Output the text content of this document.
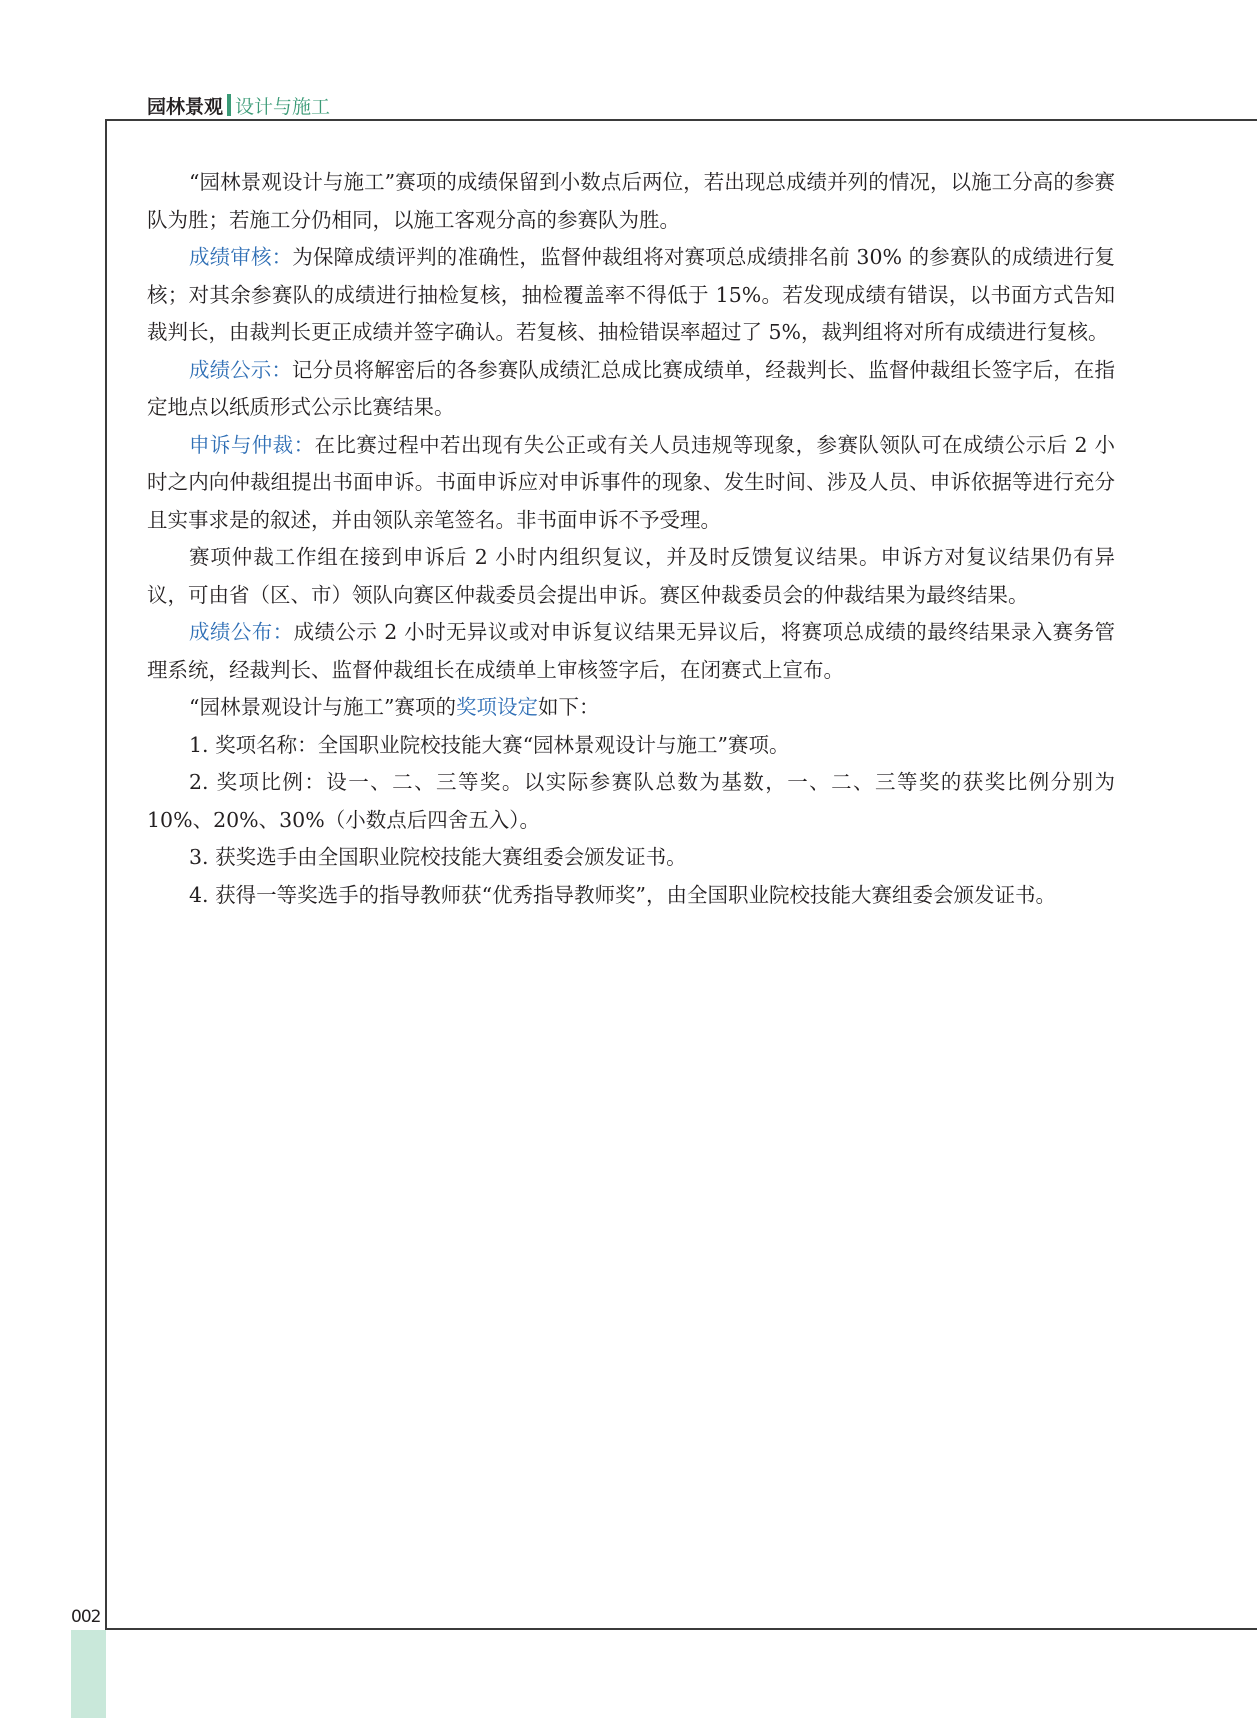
园林景观 设计与施工
002

“园林景观设计与施工”赛项的成绩保留到小数点后两位，若出现总成绩并列的情况，以施工分高的参赛队为胜；若施工分仍相同，以施工客观分高的参赛队为胜。

成绩审核：为保障成绩评判的准确性，监督仲裁组将对赛项总成绩排名前 30% 的参赛队的成绩进行复核；对其余参赛队的成绩进行抽检复核，抽检覆盖率不得低于 15%。若发现成绩有错误，以书面方式告知裁判长，由裁判长更正成绩并签字确认。若复核、抽检错误率超过了 5%，裁判组将对所有成绩进行复核。

成绩公示：记分员将解密后的各参赛队成绩汇总成比赛成绩单，经裁判长、监督仲裁组长签字后，在指定地点以纸质形式公示比赛结果。

申诉与仲裁：在比赛过程中若出现有失公正或有关人员违规等现象，参赛队领队可在成绩公示后 2 小时之内向仲裁组提出书面申诉。书面申诉应对申诉事件的现象、发生时间、涉及人员、申诉依据等进行充分且实事求是的叙述，并由领队亲笔签名。非书面申诉不予受理。

赛项仲裁工作组在接到申诉后 2 小时内组织复议，并及时反馈复议结果。申诉方对复议结果仍有异议，可由省（区、市）领队向赛区仲裁委员会提出申诉。赛区仲裁委员会的仲裁结果为最终结果。

成绩公布：成绩公示 2 小时无异议或对申诉复议结果无异议后，将赛项总成绩的最终结果录入赛务管理系统，经裁判长、监督仲裁组长在成绩单上审核签字后，在闭赛式上宣布。

“园林景观设计与施工”赛项的奖项设定如下：

1. 奖项名称：全国职业院校技能大赛“园林景观设计与施工”赛项。

2. 奖项比例：设一、二、三等奖。以实际参赛队总数为基数，一、二、三等奖的获奖比例分别为 10%、20%、30%（小数点后四舍五入）。

3. 获奖选手由全国职业院校技能大赛组委会颁发证书。

4. 获得一等奖选手的指导教师获“优秀指导教师奖”，由全国职业院校技能大赛组委会颁发证书。
